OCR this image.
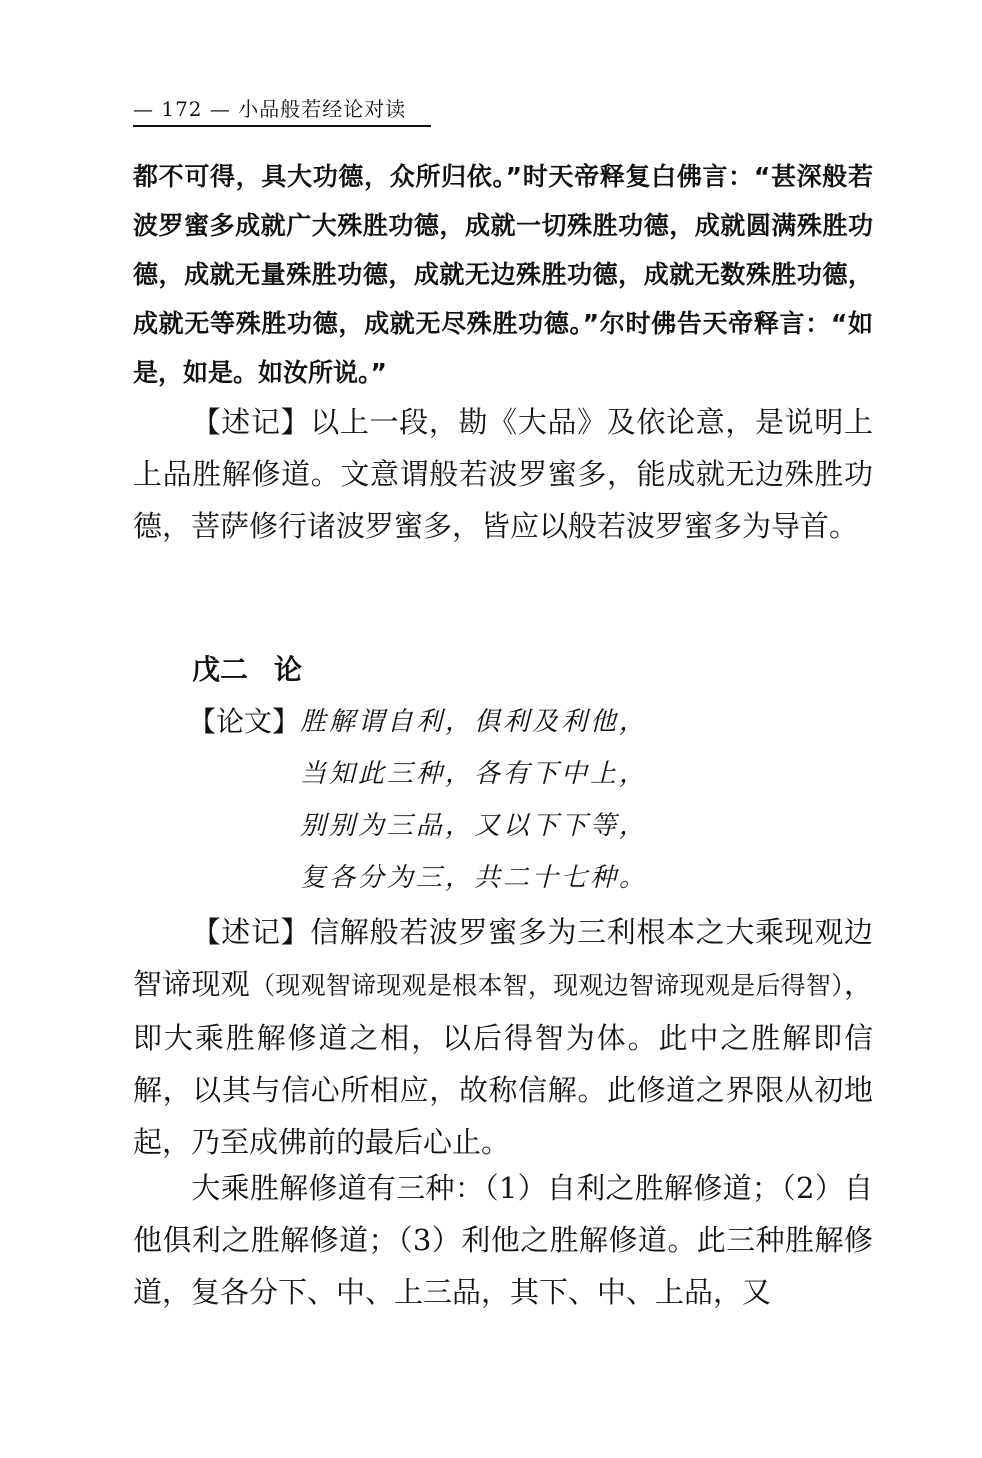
— 172 — 小品般若经论对读

都不可得，具大功德，众所归依。”时天帝释复白佛言：“甚深般若波罗蜜多成就广大殊胜功德，成就一切殊胜功德，成就圆满殊胜功德，成就无量殊胜功德，成就无边殊胜功德，成就无数殊胜功德，成就无等殊胜功德，成就无尽殊胜功德。”尔时佛告天帝释言：“如是，如是。如汝所说。”

【述记】以上一段，勘《大品》及依论意，是说明上上品胜解修道。文意谓般若波罗蜜多，能成就无边殊胜功德，菩萨修行诸波罗蜜多，皆应以般若波罗蜜多为导首。

戊二 论
【论文】 胜解谓自利，俱利及利他，
当知此三种，各有下中上，
别别为三品，又以下下等，
复各分为三，共二十七种。

【述记】信解般若波罗蜜多为三利根本之大乘现观边智谛现观（现观智谛现观是根本智，现观边智谛现观是后得智），即大乘胜解修道之相，以后得智为体。此中之胜解即信解，以其与信心所相应，故称信解。此修道之界限从初地起，乃至成佛前的最后心止。

大乘胜解修道有三种：（1）自利之胜解修道；（2）自他俱利之胜解修道；（3）利他之胜解修道。此三种胜解修道，复各分下、中、上三品，其下、中、上品，又
